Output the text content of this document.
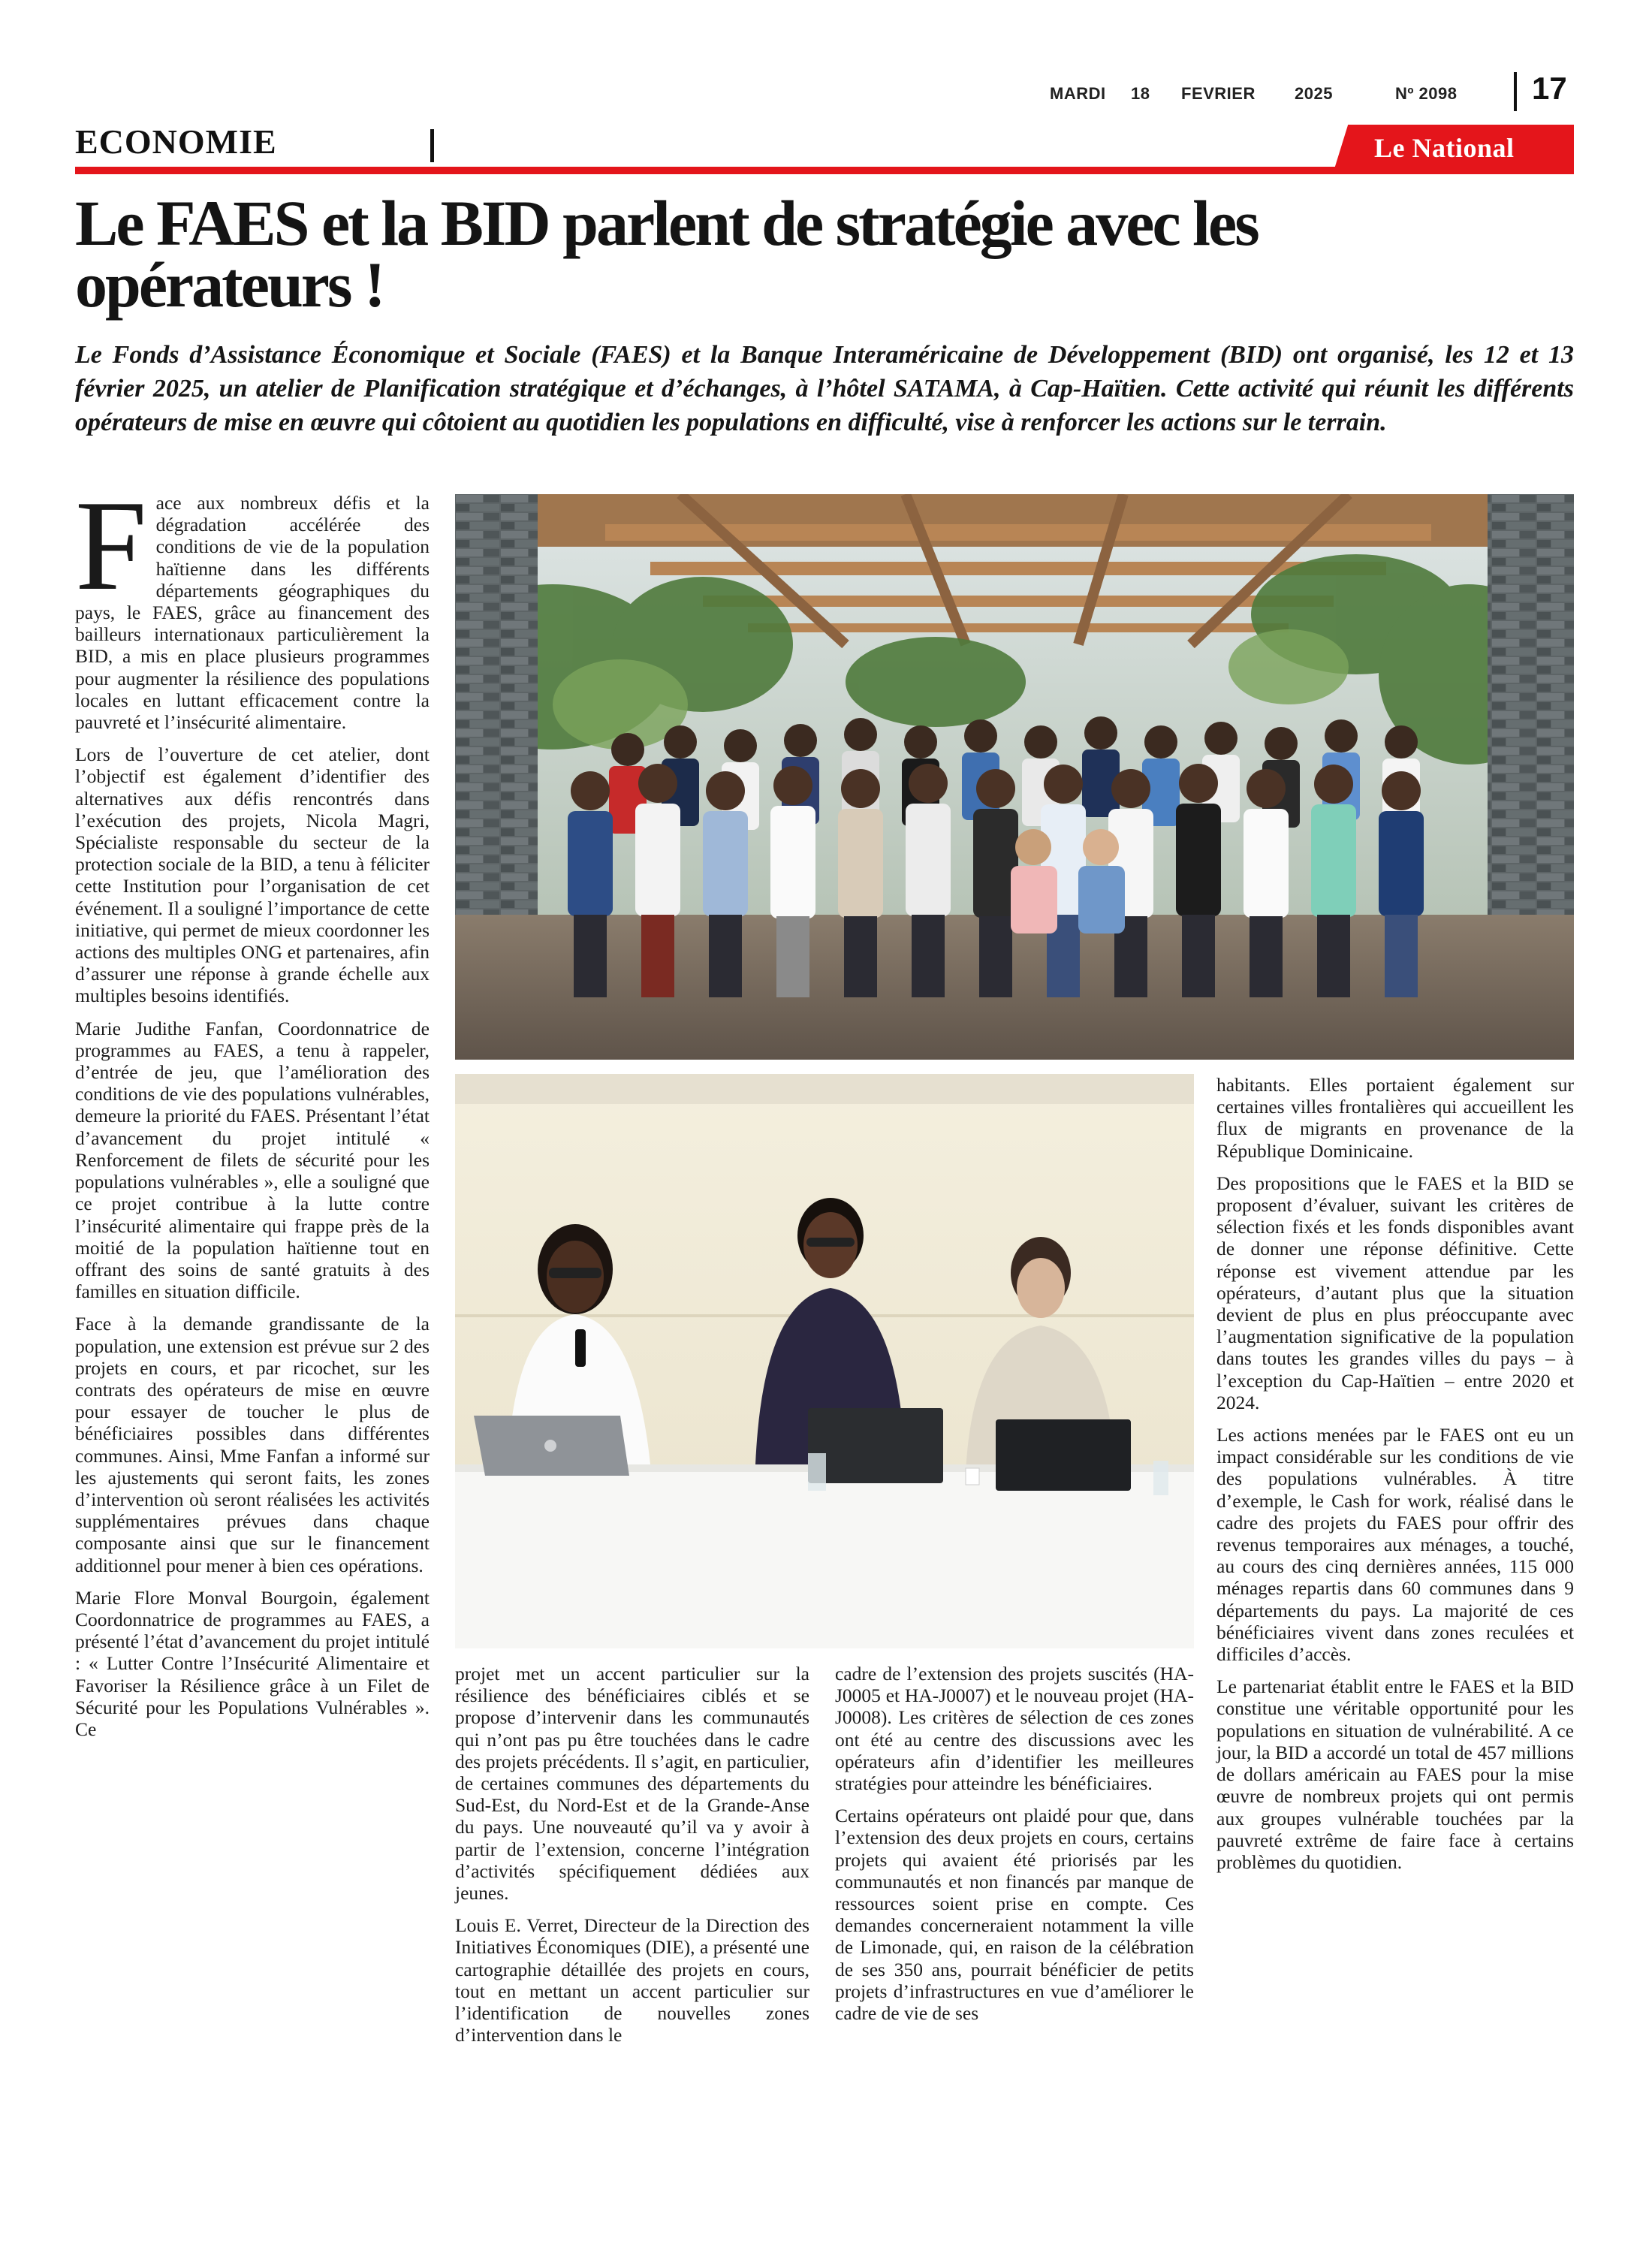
MARDI 18 FEVRIER 2025	Nº 2098 17
ECONOMIE	Le National
Le FAES et la BID parlent de stratégie avec les opérateurs !

Le Fonds d’Assistance Économique et Sociale (FAES) et la Banque Interaméricaine de Développement (BID) ont organisé, les 12 et 13 février 2025, un atelier de Planification stratégique et d’échanges, à l’hôtel SATAMA, à Cap-Haïtien. Cette activité qui réunit les différents opérateurs de mise en œuvre qui côtoient au quotidien les populations en difficulté, vise à renforcer les actions sur le terrain.

Face aux nombreux défis et la dégradation accélérée des conditions de vie de la population haïtienne dans les différents départements géographiques du pays, le FAES, grâce au financement des bailleurs internationaux particulièrement la BID, a mis en place plusieurs programmes pour augmenter la résilience des populations locales en luttant efficacement contre la pauvreté et l’insécurité alimentaire.

Lors de l’ouverture de cet atelier, dont l’objectif est également d’identifier des alternatives aux défis rencontrés dans l’exécution des projets, Nicola Magri, Spécialiste responsable du secteur de la protection sociale de la BID, a tenu à féliciter cette Institution pour l’organisation de cet événement. Il a souligné l’importance de cette initiative, qui permet de mieux coordonner les actions des multiples ONG et partenaires, afin d’assurer une réponse à grande échelle aux multiples besoins identifiés.

Marie Judithe Fanfan, Coordonnatrice de programmes au FAES, a tenu à rappeler, d’entrée de jeu, que l’amélioration des conditions de vie des populations vulnérables, demeure la priorité du FAES. Présentant l’état d’avancement du projet intitulé « Renforcement de filets de sécurité pour les populations vulnérables », elle a souligné que ce projet contribue à la lutte contre l’insécurité alimentaire qui frappe près de la moitié de la population haïtienne tout en offrant des soins de santé gratuits à des familles en situation difficile.

Face à la demande grandissante de la population, une extension est prévue sur 2 des projets en cours, et par ricochet, sur les contrats des opérateurs de mise en œuvre pour essayer de toucher le plus de bénéficiaires possibles dans différentes communes. Ainsi, Mme Fanfan a informé sur les ajustements qui seront faits, les zones d’intervention où seront réalisées les activités supplémentaires prévues dans chaque composante ainsi que sur le financement additionnel pour mener à bien ces opérations.

Marie Flore Monval Bourgoin, également Coordonnatrice de programmes au FAES, a présenté l’état d’avancement du projet intitulé : « Lutter Contre l’Insécurité Alimentaire et Favoriser la Résilience grâce à un Filet de Sécurité pour les Populations Vulnérables ». Ce

projet met un accent particulier sur la résilience des bénéficiaires ciblés et se propose d’intervenir dans les communautés qui n’ont pas pu être touchées dans le cadre des projets précédents. Il s’agit, en particulier, de certaines communes des départements du Sud-Est, du Nord-Est et de la Grande-Anse du pays. Une nouveauté qu’il va y avoir à partir de l’extension, concerne l’intégration d’activités spécifiquement dédiées aux jeunes.

Louis E. Verret, Directeur de la Direction des Initiatives Économiques (DIE), a présenté une cartographie détaillée des projets en cours, tout en mettant un accent particulier sur l’identification de nouvelles zones d’intervention dans le

cadre de l’extension des projets suscités (HA-J0005 et HA-J0007) et le nouveau projet (HA-J0008). Les critères de sélection de ces zones ont été au centre des discussions avec les opérateurs afin d’identifier les meilleures stratégies pour atteindre les bénéficiaires.

Certains opérateurs ont plaidé pour que, dans l’extension des deux projets en cours, certains projets qui avaient été priorisés par les communautés et non financés par manque de ressources soient prise en compte. Ces demandes concerneraient notamment la ville de Limonade, qui, en raison de la célébration de ses 350 ans, pourrait bénéficier de petits projets d’infrastructures en vue d’améliorer le cadre de vie de ses

habitants. Elles portaient également sur certaines villes frontalières qui accueillent les flux de migrants en provenance de la République Dominicaine.

Des propositions que le FAES et la BID se proposent d’évaluer, suivant les critères de sélection fixés et les fonds disponibles avant de donner une réponse définitive. Cette réponse est vivement attendue par les opérateurs, d’autant plus que la situation devient de plus en plus préoccupante avec l’augmentation significative de la population dans toutes les grandes villes du pays – à l’exception du Cap-Haïtien – entre 2020 et 2024.

Les actions menées par le FAES ont eu un impact considérable sur les conditions de vie des populations vulnérables. À titre d’exemple, le Cash for work, réalisé dans le cadre des projets du FAES pour offrir des revenus temporaires aux ménages, a touché, au cours des cinq dernières années, 115 000 ménages repartis dans 60 communes dans 9 départements du pays. La majorité de ces bénéficiaires vivent dans zones reculées et difficiles d’accès.

Le partenariat établit entre le FAES et la BID constitue une véritable opportunité pour les populations en situation de vulnérabilité. A ce jour, la BID a accordé un total de 457 millions de dollars américain au FAES pour la mise œuvre de nombreux projets qui ont permis aux groupes vulnérable touchées par la pauvreté extrême de faire face à certains problèmes du quotidien.
